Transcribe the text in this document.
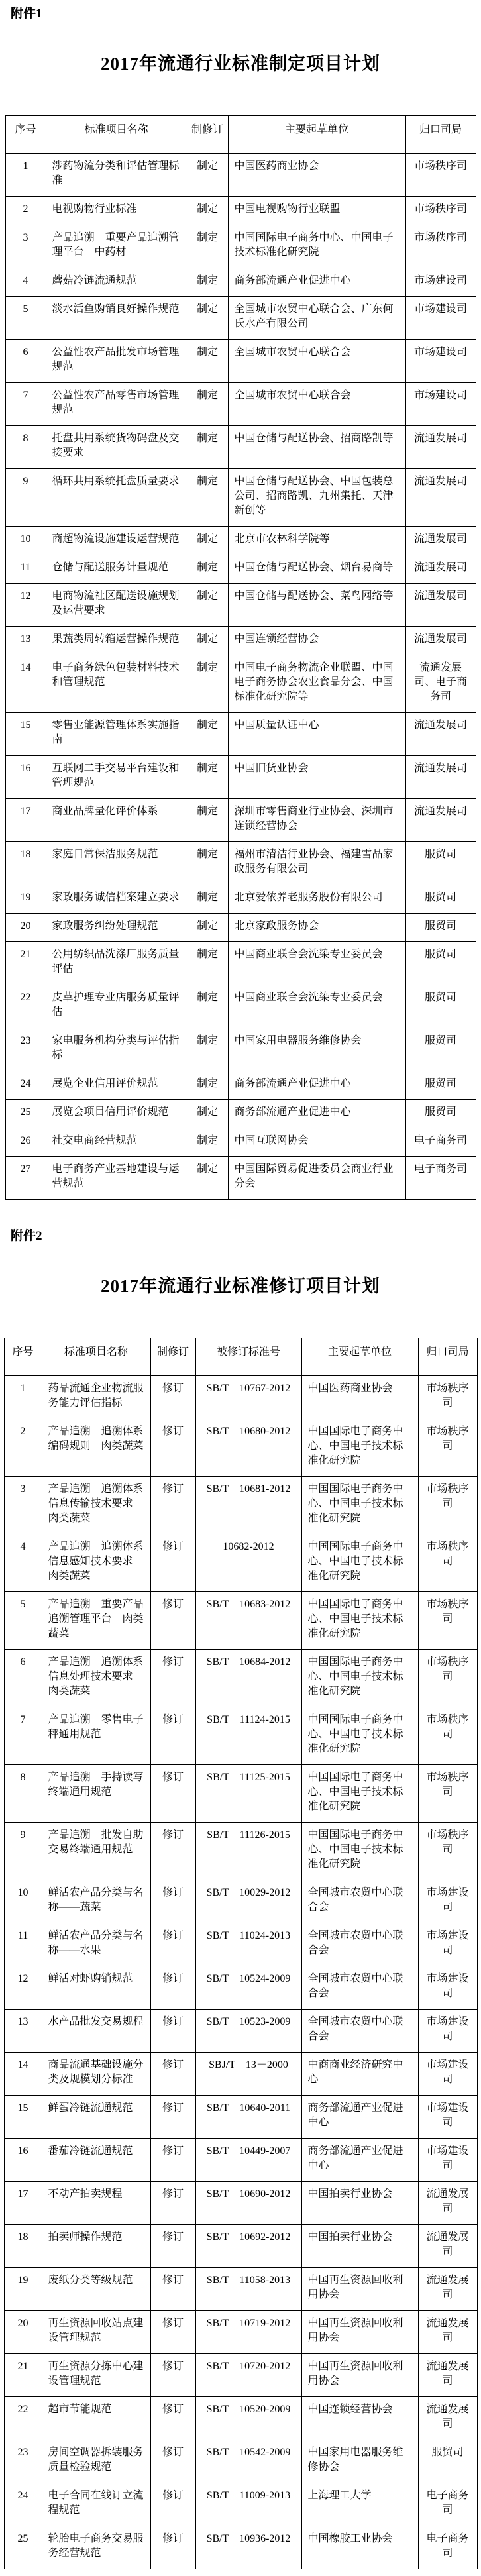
附件1
2017年流通行业标准制定项目计划
序号	标准项目名称	制修订	主要起草单位	归口司局
1	涉药物流分类和评估管理标准	制定	中国医药商业协会	市场秩序司
2	电视购物行业标准	制定	中国电视购物行业联盟	市场秩序司
3	产品追溯　重要产品追溯管理平台　中药材	制定	中国国际电子商务中心、中国电子技术标准化研究院	市场秩序司
4	蘑菇冷链流通规范	制定	商务部流通产业促进中心	市场建设司
5	淡水活鱼购销良好操作规范	制定	全国城市农贸中心联合会、广东何氏水产有限公司	市场建设司
6	公益性农产品批发市场管理规范	制定	全国城市农贸中心联合会	市场建设司
7	公益性农产品零售市场管理规范	制定	全国城市农贸中心联合会	市场建设司
8	托盘共用系统货物码盘及交接要求	制定	中国仓储与配送协会、招商路凯等	流通发展司
9	循环共用系统托盘质量要求	制定	中国仓储与配送协会、中国包装总公司、招商路凯、九州集托、天津新创等	流通发展司
10	商超物流设施建设运营规范	制定	北京市农林科学院等	流通发展司
11	仓储与配送服务计量规范	制定	中国仓储与配送协会、烟台易商等	流通发展司
12	电商物流社区配送设施规划及运营要求	制定	中国仓储与配送协会、菜鸟网络等	流通发展司
13	果蔬类周转箱运营操作规范	制定	中国连锁经营协会	流通发展司
14	电子商务绿色包装材料技术和管理规范	制定	中国电子商务物流企业联盟、中国电子商务协会农业食品分会、中国标准化研究院等	流通发展司、电子商务司
15	零售业能源管理体系实施指南	制定	中国质量认证中心	流通发展司
16	互联网二手交易平台建设和管理规范	制定	中国旧货业协会	流通发展司
17	商业品牌量化评价体系	制定	深圳市零售商业行业协会、深圳市连锁经营协会	流通发展司
18	家庭日常保洁服务规范	制定	福州市清洁行业协会、福建雪品家政服务有限公司	服贸司
19	家政服务诚信档案建立要求	制定	北京爱侬养老服务股份有限公司	服贸司
20	家政服务纠纷处理规范	制定	北京家政服务协会	服贸司
21	公用纺织品洗涤厂服务质量评估	制定	中国商业联合会洗染专业委员会	服贸司
22	皮革护理专业店服务质量评估	制定	中国商业联合会洗染专业委员会	服贸司
23	家电服务机构分类与评估指标	制定	中国家用电器服务维修协会	服贸司
24	展览企业信用评价规范	制定	商务部流通产业促进中心	服贸司
25	展览会项目信用评价规范	制定	商务部流通产业促进中心	服贸司
26	社交电商经营规范	制定	中国互联网协会	电子商务司
27	电子商务产业基地建设与运营规范	制定	中国国际贸易促进委员会商业行业分会	电子商务司
附件2
2017年流通行业标准修订项目计划
序号	标准项目名称	制修订	被修订标准号	主要起草单位	归口司局
1	药品流通企业物流服务能力评估指标	修订	SB/T　10767-2012	中国医药商业协会	市场秩序司
2	产品追溯　追溯体系编码规则　肉类蔬菜	修订	SB/T　10680-2012	中国国际电子商务中心、中国电子技术标准化研究院	市场秩序司
3	产品追溯　追溯体系信息传输技术要求　肉类蔬菜	修订	SB/T　10681-2012	中国国际电子商务中心、中国电子技术标准化研究院	市场秩序司
4	产品追溯　追溯体系信息感知技术要求　肉类蔬菜	修订	10682-2012	中国国际电子商务中心、中国电子技术标准化研究院	市场秩序司
5	产品追溯　重要产品追溯管理平台　肉类蔬菜	修订	SB/T　10683-2012	中国国际电子商务中心、中国电子技术标准化研究院	市场秩序司
6	产品追溯　追溯体系信息处理技术要求　肉类蔬菜	修订	SB/T　10684-2012	中国国际电子商务中心、中国电子技术标准化研究院	市场秩序司
7	产品追溯　零售电子秤通用规范	修订	SB/T　11124-2015	中国国际电子商务中心、中国电子技术标准化研究院	市场秩序司
8	产品追溯　手持读写终端通用规范	修订	SB/T　11125-2015	中国国际电子商务中心、中国电子技术标准化研究院	市场秩序司
9	产品追溯　批发自助交易终端通用规范	修订	SB/T　11126-2015	中国国际电子商务中心、中国电子技术标准化研究院	市场秩序司
10	鲜活农产品分类与名称——蔬菜	修订	SB/T　10029-2012	全国城市农贸中心联合会	市场建设司
11	鲜活农产品分类与名称——水果	修订	SB/T　11024-2013	全国城市农贸中心联合会	市场建设司
12	鲜活对虾购销规范	修订	SB/T　10524-2009	全国城市农贸中心联合会	市场建设司
13	水产品批发交易规程	修订	SB/T　10523-2009	全国城市农贸中心联合会	市场建设司
14	商品流通基础设施分类及规模划分标准	修订	SBJ/T　13－2000	中商商业经济研究中心	市场建设司
15	鲜蛋冷链流通规范	修订	SB/T　10640-2011	商务部流通产业促进中心	市场建设司
16	番茄冷链流通规范	修订	SB/T　10449-2007	商务部流通产业促进中心	市场建设司
17	不动产拍卖规程	修订	SB/T　10690-2012	中国拍卖行业协会	流通发展司
18	拍卖师操作规范	修订	SB/T　10692-2012	中国拍卖行业协会	流通发展司
19	废纸分类等级规范	修订	SB/T　11058-2013	中国再生资源回收利用协会	流通发展司
20	再生资源回收站点建设管理规范	修订	SB/T　10719-2012	中国再生资源回收利用协会	流通发展司
21	再生资源分拣中心建设管理规范	修订	SB/T　10720-2012	中国再生资源回收利用协会	流通发展司
22	超市节能规范	修订	SB/T　10520-2009	中国连锁经营协会	流通发展司
23	房间空调器拆装服务质量检验规范	修订	SB/T　10542-2009	中国家用电器服务维修协会	服贸司
24	电子合同在线订立流程规范	修订	SB/T　11009-2013	上海理工大学	电子商务司
25	轮胎电子商务交易服务经营规范	修订	SB/T　10936-2012	中国橡胶工业协会	电子商务司
